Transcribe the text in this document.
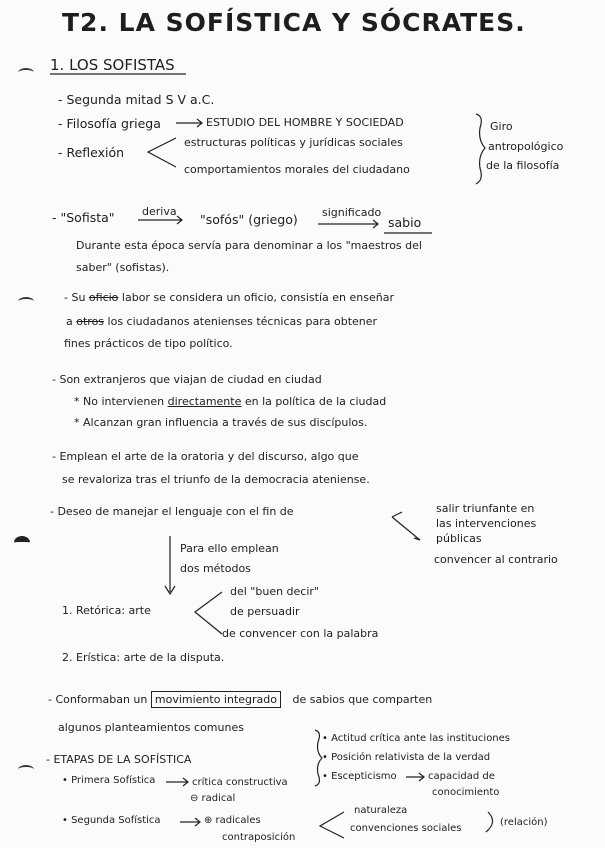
T2. LA SOFÍSTICA Y SÓCRATES.
1. LOS SOFISTAS
- Segunda mitad S V a.C.
- Filosofía griega	ESTUDIO DEL HOMBRE Y SOCIEDAD
- Reflexión
estructuras políticas y jurídicas sociales
comportamientos morales del ciudadano
Giro
antropológico
de la filosofía
- "Sofista" deriva
"sofós" (griego) significado
sabio
Durante esta época servía para denominar a los "maestros del
saber" (sofistas).
- Su oficio labor se considera un oficio, consistía en enseñar
a otros los ciudadanos atenienses técnicas para obtener
fines prácticos de tipo político.
- Son extranjeros que viajan de ciudad en ciudad
* No intervienen directamente en la política de la ciudad
* Alcanzan gran influencia a través de sus discípulos.
- Emplean el arte de la oratoria y del discurso, algo que
se revaloriza tras el triunfo de la democracia ateniense.
- Deseo de manejar el lenguaje con el fin de	salir triunfante en
las intervenciones
públicas
convencer al contrario
Para ello emplean
dos métodos
1. Retórica: arte
del "buen decir"
de persuadir
de convencer con la palabra
2. Erística: arte de la disputa.
- Conformaban un movimiento integrado de sabios que comparten
algunos planteamientos comunes
• Actitud crítica ante las instituciones
• Posición relativista de la verdad
• Escepticismo	capacidad de
conocimiento
- ETAPAS DE LA SOFÍSTICA
• Primera Sofística	crítica constructiva
⊖ radical
• Segunda Sofística	⊕ radicales
contraposición
naturaleza
convenciones sociales
(relación)
